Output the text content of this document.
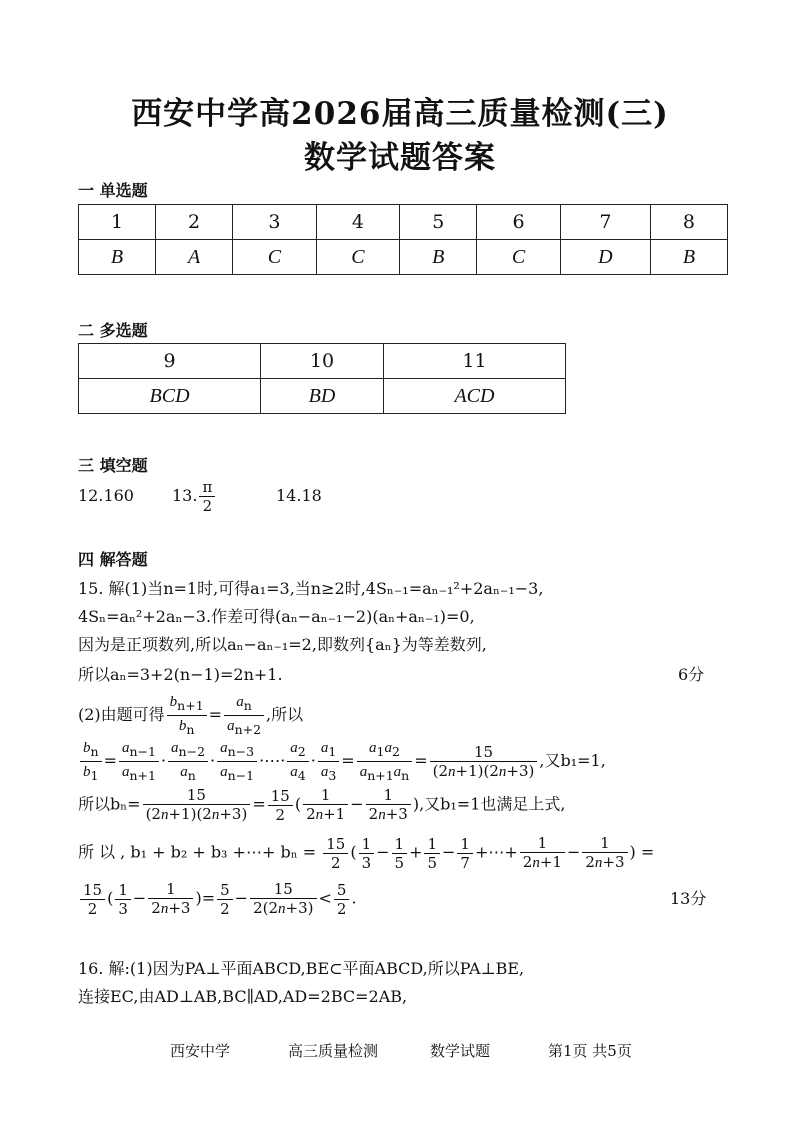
西安中学高2026届高三质量检测(三)
数学试题答案
一 单选题
1	2	3	4	5	6	7	8
B	A	C	C	B	C	D	B
二 多选题
9	10	11
BCD	BD	ACD
三 填空题
12.160 13. $\frac{\pi}{2}$	14.18
四 解答题
15. 解(1)当n=1时,可得a₁=3,当n≥2时,4Sₙ₋₁=aₙ₋₁²+2aₙ₋₁−3,
4Sₙ=aₙ²+2aₙ−3.作差可得(aₙ−aₙ₋₁−2)(aₙ+aₙ₋₁)=0,
因为是正项数列,所以aₙ−aₙ₋₁=2,即数列{aₙ}为等差数列,
所以aₙ=3+2(n−1)=2n+1.	6分
(2)由题可得 $\frac{b_{n+1}}{b_n} = \frac{a_n}{a_{n+2}}$ ,所以
$\frac{b_n}{b_1} = \frac{a_{n-1}}{a_{n+1}} \cdot \frac{a_{n-2}}{a_n} \cdot \frac{a_{n-3}}{a_{n-1}}$ ·⋯· $\frac{a_2}{a_4} \cdot \frac{a_1}{a_3} = \frac{a_1a_2}{a_{n+1}a_n} = \frac{15}{(2n+1)(2n+3)}$ ,又b₁=1,
所以$b_n= \frac{15}{(2n+1)(2n+3)} = \frac{15}{2}$ ( $\frac{1}{2n+1} - \frac{1}{2n+3}$ ),又b₁=1也满足上式,
所 以 , b₁ + b₂ + b₃ +⋯+ $b_n = \frac{15}{2}$ ( $\frac{1}{3} - \frac{1}{5} + \frac{1}{5} - \frac{1}{7}$ +⋯+ $\frac{1}{2n+1} - \frac{1}{2n+3}$ ) =
$\frac{15}{2}$ ( $\frac{1}{3} - \frac{1}{2n+3}$ )= $\frac{5}{2} - \frac{15}{2(2n+3)} < \frac{5}{2}$ .	13分
16. 解:(1)因为PA⊥平面ABCD,BE⊂平面ABCD,所以PA⊥BE,
连接EC,由AD⊥AB,BC∥AD,AD=2BC=2AB,
西安中学	高三质量检测	数学试题	第1页 共5页
